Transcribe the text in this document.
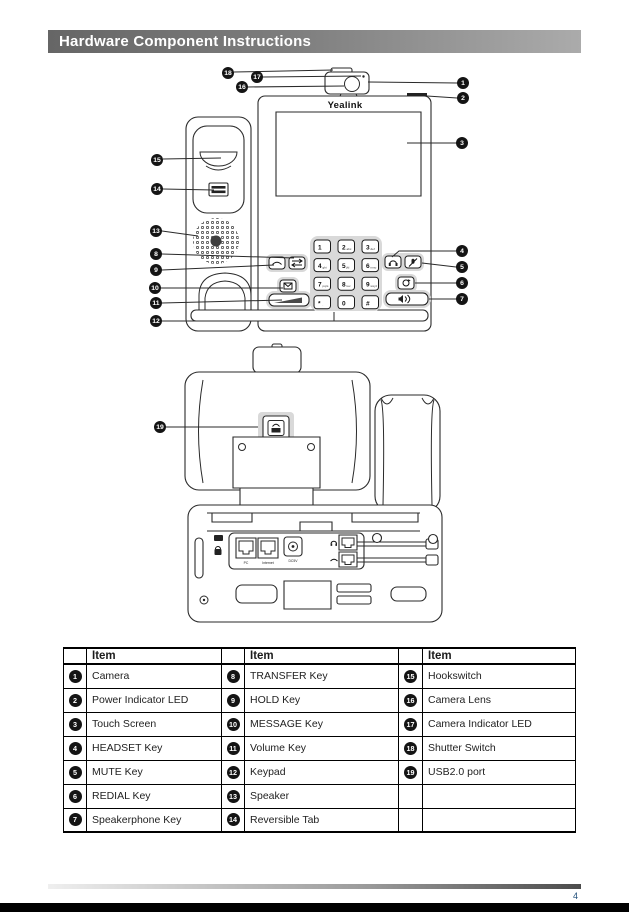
Hardware Component Instructions
Yealink
1	2 abc 3 def
4 ghi 5 jkl	6 mno
7 pqrs 8 tuv 9 wxyz
* .	0	#
PC	Internet	DC5V
18
17
16
1
2
3
15
14
13
8
9
10
11
12
4
5
6
7
19
	Item		Item		Item
1	Camera	8	TRANSFER Key	15	Hookswitch
2	Power Indicator LED	9	HOLD Key	16	Camera Lens
3	Touch Screen	10	MESSAGE Key	17	Camera Indicator LED
4	HEADSET Key	11	Volume Key	18	Shutter Switch
5	MUTE Key	12	Keypad	19	USB2.0 port
6	REDIAL Key	13	Speaker		
7	Speakerphone Key	14	Reversible Tab		
4
